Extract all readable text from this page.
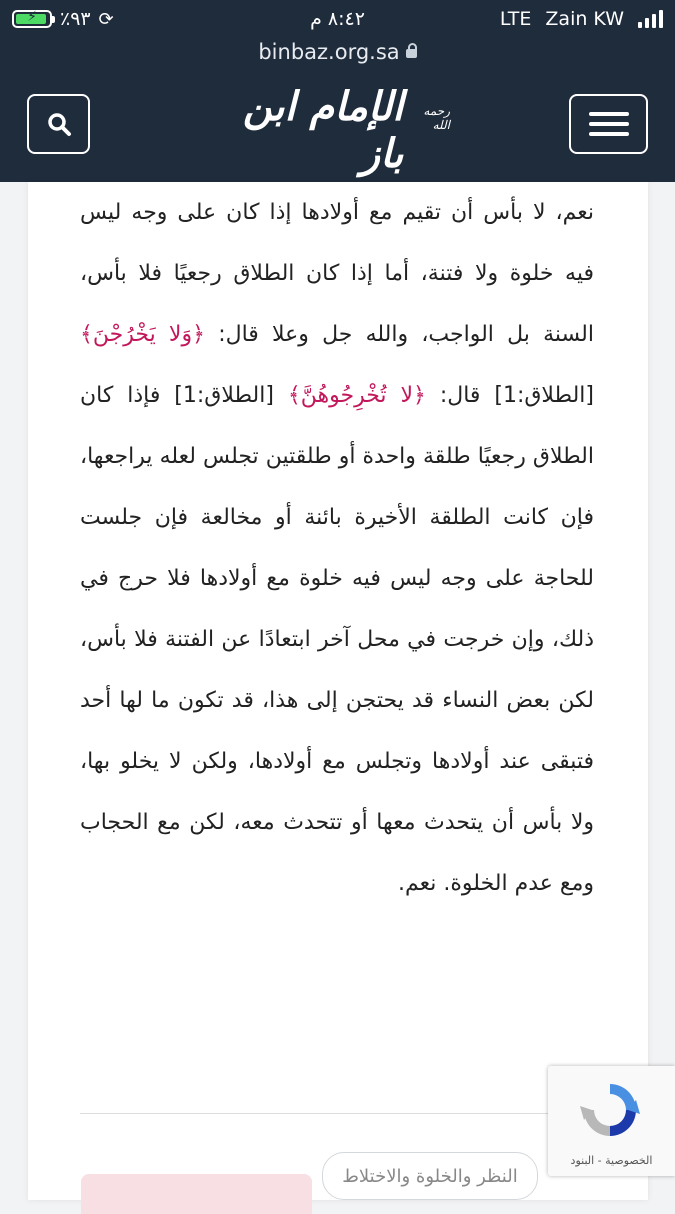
⚡	٪٩٣ ⟳	٨:٤٢ م	LTE Zain KW
binbaz.org.sa
رحمه الله
الإمام ابن باز

نعم، لا بأس أن تقيم مع أولادها إذا كان على وجه ليس فيه خلوة ولا فتنة، أما إذا كان الطلاق رجعيًا فلا بأس، السنة بل الواجب، والله جل وعلا قال: ﴿وَلا يَخْرُجْنَ﴾ [الطلاق:1] قال: ﴿لا تُخْرِجُوهُنَّ﴾ [الطلاق:1] فإذا كان الطلاق رجعيًا طلقة واحدة أو طلقتين تجلس لعله يراجعها، فإن كانت الطلقة الأخيرة بائنة أو مخالعة فإن جلست للحاجة على وجه ليس فيه خلوة مع أولادها فلا حرج في ذلك، وإن خرجت في محل آخر ابتعادًا عن الفتنة فلا بأس، لكن بعض النساء قد يحتجن إلى هذا، قد تكون ما لها أحد فتبقى عند أولادها وتجلس مع أولادها، ولكن لا يخلو بها، ولا بأس أن يتحدث معها أو تتحدث معه، لكن مع الحجاب ومع عدم الخلوة. نعم.

النظر والخلوة والاختلاط
الخصوصية - البنود
